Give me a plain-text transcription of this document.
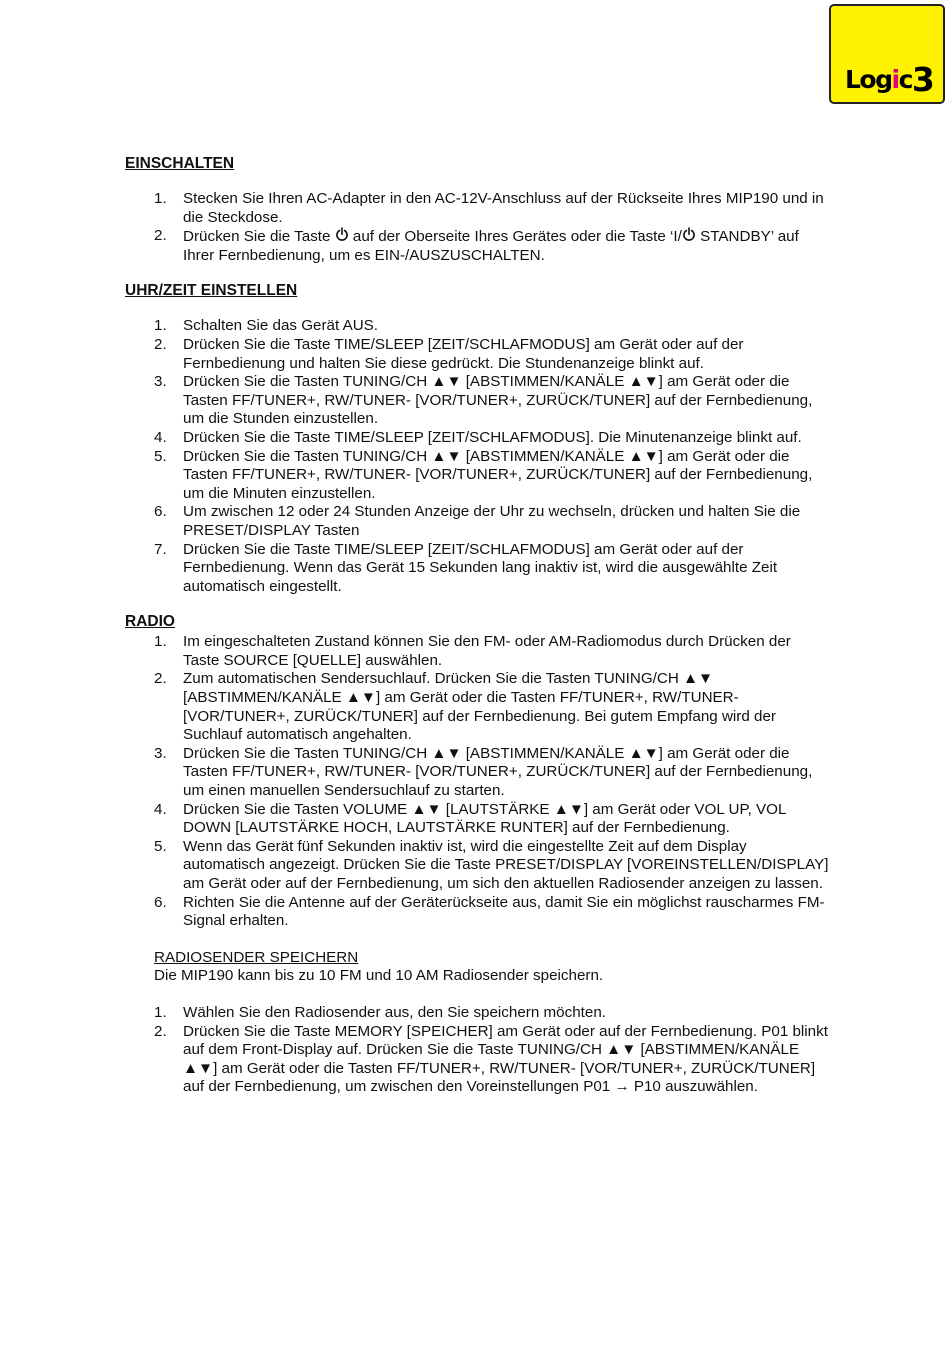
Logic3
EINSCHALTEN
1. Stecken Sie Ihren AC-Adapter in den AC-12V-Anschluss auf der Rückseite Ihres MIP190 und in die Steckdose.
2. Drücken Sie die Taste  auf der Oberseite Ihres Gerätes oder die Taste ‘I/ STANDBY’ auf Ihrer Fernbedienung, um es EIN-/AUSZUSCHALTEN.
UHR/ZEIT EINSTELLEN
1. Schalten Sie das Gerät AUS.
2. Drücken Sie die Taste TIME/SLEEP [ZEIT/SCHLAFMODUS] am Gerät oder auf der Fernbedienung und halten Sie diese gedrückt. Die Stundenanzeige blinkt auf.
3. Drücken Sie die Tasten TUNING/CH ▲▼ [ABSTIMMEN/KANÄLE ▲▼] am Gerät oder die Tasten FF/TUNER+, RW/TUNER- [VOR/TUNER+, ZURÜCK/TUNER] auf der Fernbedienung, um die Stunden einzustellen.
4. Drücken Sie die Taste TIME/SLEEP [ZEIT/SCHLAFMODUS]. Die Minutenanzeige blinkt auf.
5. Drücken Sie die Tasten TUNING/CH ▲▼ [ABSTIMMEN/KANÄLE ▲▼] am Gerät oder die Tasten FF/TUNER+, RW/TUNER- [VOR/TUNER+, ZURÜCK/TUNER] auf der Fernbedienung, um die Minuten einzustellen.
6. Um zwischen 12 oder 24 Stunden Anzeige der Uhr zu wechseln, drücken und halten Sie die PRESET/DISPLAY Tasten
7. Drücken Sie die Taste TIME/SLEEP [ZEIT/SCHLAFMODUS] am Gerät oder auf der Fernbedienung. Wenn das Gerät 15 Sekunden lang inaktiv ist, wird die ausgewählte Zeit automatisch eingestellt.
RADIO
1. Im eingeschalteten Zustand können Sie den FM- oder AM-Radiomodus durch Drücken der Taste SOURCE [QUELLE] auswählen.
2. Zum automatischen Sendersuchlauf. Drücken Sie die Tasten TUNING/CH ▲▼ [ABSTIMMEN/KANÄLE ▲▼] am Gerät oder die Tasten FF/TUNER+, RW/TUNER- [VOR/TUNER+, ZURÜCK/TUNER] auf der Fernbedienung. Bei gutem Empfang wird der Suchlauf automatisch angehalten.
3. Drücken Sie die Tasten TUNING/CH ▲▼ [ABSTIMMEN/KANÄLE ▲▼] am Gerät oder die Tasten FF/TUNER+, RW/TUNER- [VOR/TUNER+, ZURÜCK/TUNER] auf der Fernbedienung, um einen manuellen Sendersuchlauf zu starten.
4. Drücken Sie die Tasten VOLUME ▲▼ [LAUTSTÄRKE ▲▼] am Gerät oder VOL UP, VOL DOWN [LAUTSTÄRKE HOCH, LAUTSTÄRKE RUNTER] auf der Fernbedienung.
5. Wenn das Gerät fünf Sekunden inaktiv ist, wird die eingestellte Zeit auf dem Display automatisch angezeigt. Drücken Sie die Taste PRESET/DISPLAY [VOREINSTELLEN/DISPLAY] am Gerät oder auf der Fernbedienung, um sich den aktuellen Radiosender anzeigen zu lassen.
6. Richten Sie die Antenne auf der Geräterückseite aus, damit Sie ein möglichst rauscharmes FM-Signal erhalten.
RADIOSENDER SPEICHERN
Die MIP190 kann bis zu 10 FM und 10 AM Radiosender speichern.
1. Wählen Sie den Radiosender aus, den Sie speichern möchten.
2. Drücken Sie die Taste MEMORY [SPEICHER] am Gerät oder auf der Fernbedienung. P01 blinkt auf dem Front-Display auf. Drücken Sie die Taste TUNING/CH ▲▼ [ABSTIMMEN/KANÄLE ▲▼] am Gerät oder die Tasten FF/TUNER+, RW/TUNER- [VOR/TUNER+, ZURÜCK/TUNER] auf der Fernbedienung, um zwischen den Voreinstellungen P01 → P10 auszuwählen.
